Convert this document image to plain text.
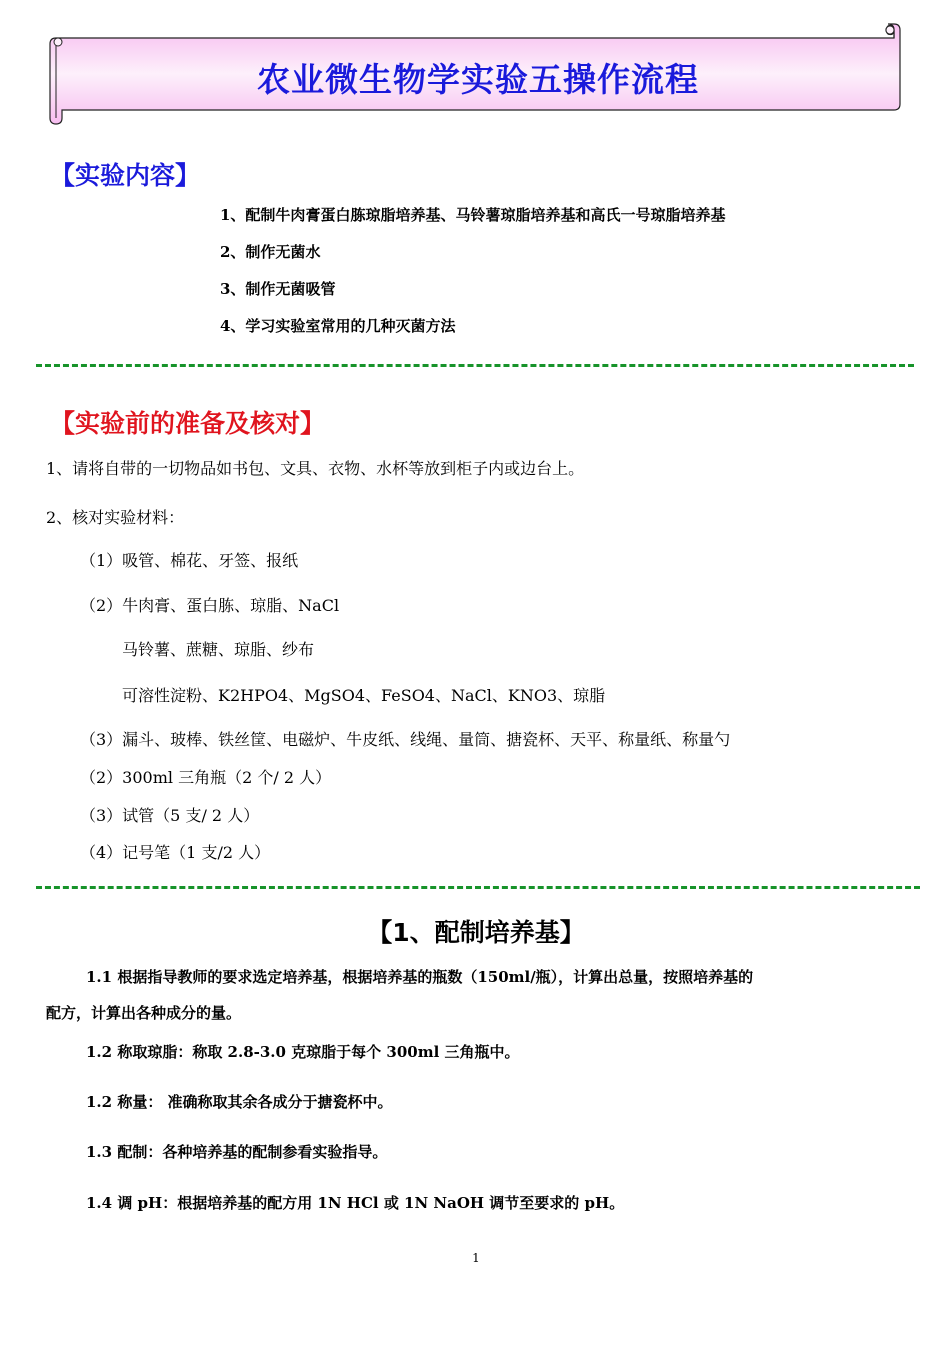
农业微生物学实验五操作流程
【实验内容】
1、配制牛肉膏蛋白胨琼脂培养基、马铃薯琼脂培养基和高氏一号琼脂培养基
2、制作无菌水
3、制作无菌吸管
4、学习实验室常用的几种灭菌方法
【实验前的准备及核对】
1、请将自带的一切物品如书包、文具、衣物、水杯等放到柜子内或边台上。
2、核对实验材料：
（1）吸管、棉花、牙签、报纸
（2）牛肉膏、蛋白胨、琼脂、NaCl
马铃薯、蔗糖、琼脂、纱布
可溶性淀粉、K2HPO4、MgSO4、FeSO4、NaCl、KNO3、琼脂
（3）漏斗、玻棒、铁丝筐、电磁炉、牛皮纸、线绳、量筒、搪瓷杯、天平、称量纸、称量勺
（2）300ml 三角瓶（2 个/ 2 人）
（3）试管（5 支/ 2 人）
（4）记号笔（1 支/2 人）
【1、配制培养基】
1.1 根据指导教师的要求选定培养基，根据培养基的瓶数（150ml/瓶），计算出总量，按照培养基的
配方，计算出各种成分的量。
1.2 称取琼脂：称取 2.8-3.0 克琼脂于每个 300ml 三角瓶中。
1.2 称量： 准确称取其余各成分于搪瓷杯中。
1.3 配制：各种培养基的配制参看实验指导。
1.4 调 pH：根据培养基的配方用 1N HCl 或 1N NaOH 调节至要求的 pH。
1
